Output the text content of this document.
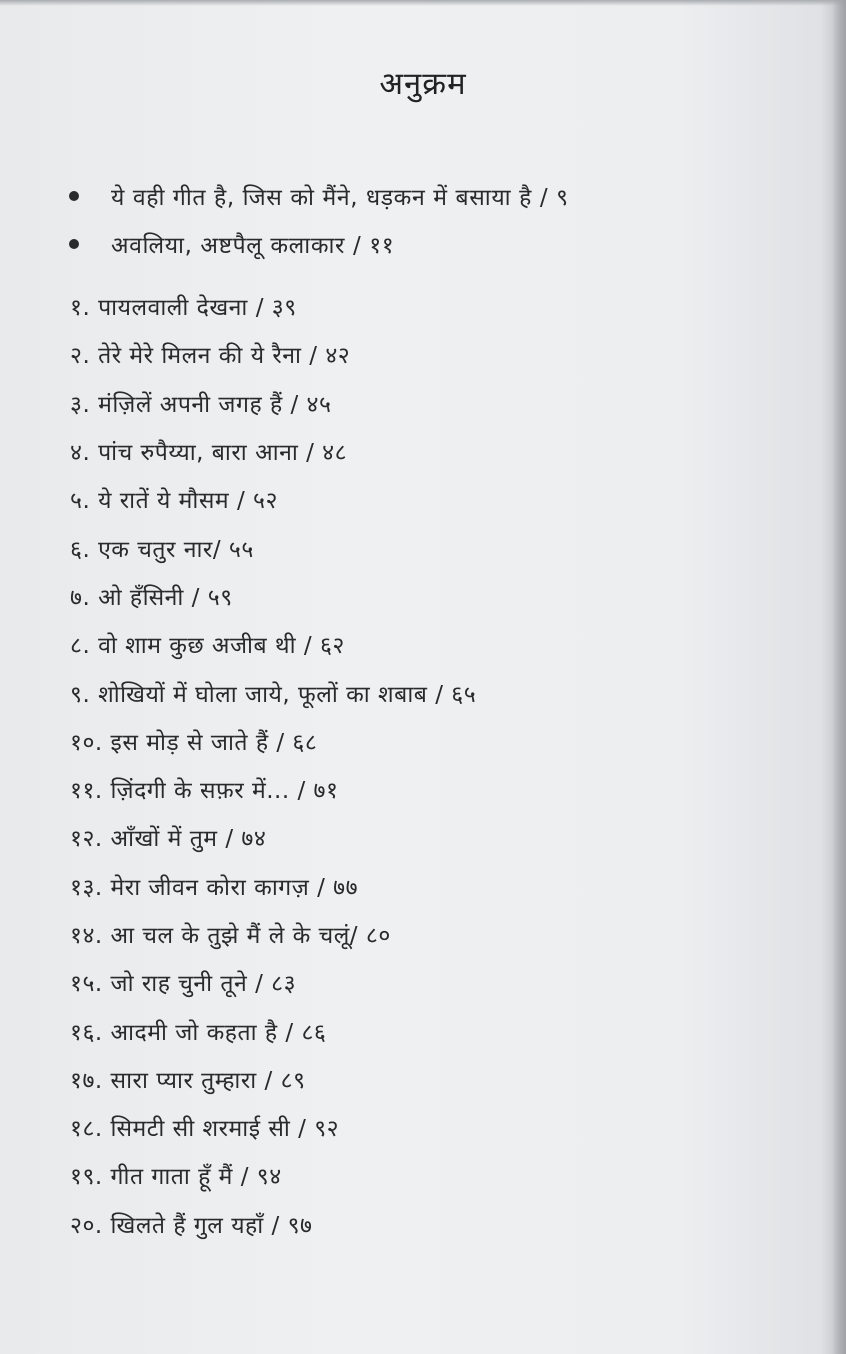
अनुक्रम
ये वही गीत है, जिस को मैंने, धड़कन में बसाया है / ९
अवलिया, अष्टपैलू कलाकार / ११
१. पायलवाली देखना / ३९
२. तेरे मेरे मिलन की ये रैना / ४२
३. मंज़िलें अपनी जगह हैं / ४५
४. पांच रुपैय्या, बारा आना / ४८
५. ये रातें ये मौसम / ५२
६. एक चतुर नार/ ५५
७. ओ हँसिनी / ५९
८. वो शाम कुछ अजीब थी / ६२
९. शोखियों में घोला जाये, फूलों का शबाब / ६५
१०. इस मोड़ से जाते हैं / ६८
११. ज़िंदगी के सफ़र में... / ७१
१२. आँखों में तुम / ७४
१३. मेरा जीवन कोरा कागज़ / ७७
१४. आ चल के तुझे मैं ले के चलूं/ ८०
१५. जो राह चुनी तूने / ८३
१६. आदमी जो कहता है / ८६
१७. सारा प्यार तुम्हारा / ८९
१८. सिमटी सी शरमाई सी / ९२
१९. गीत गाता हूँ मैं / ९४
२०. खिलते हैं गुल यहाँ / ९७
